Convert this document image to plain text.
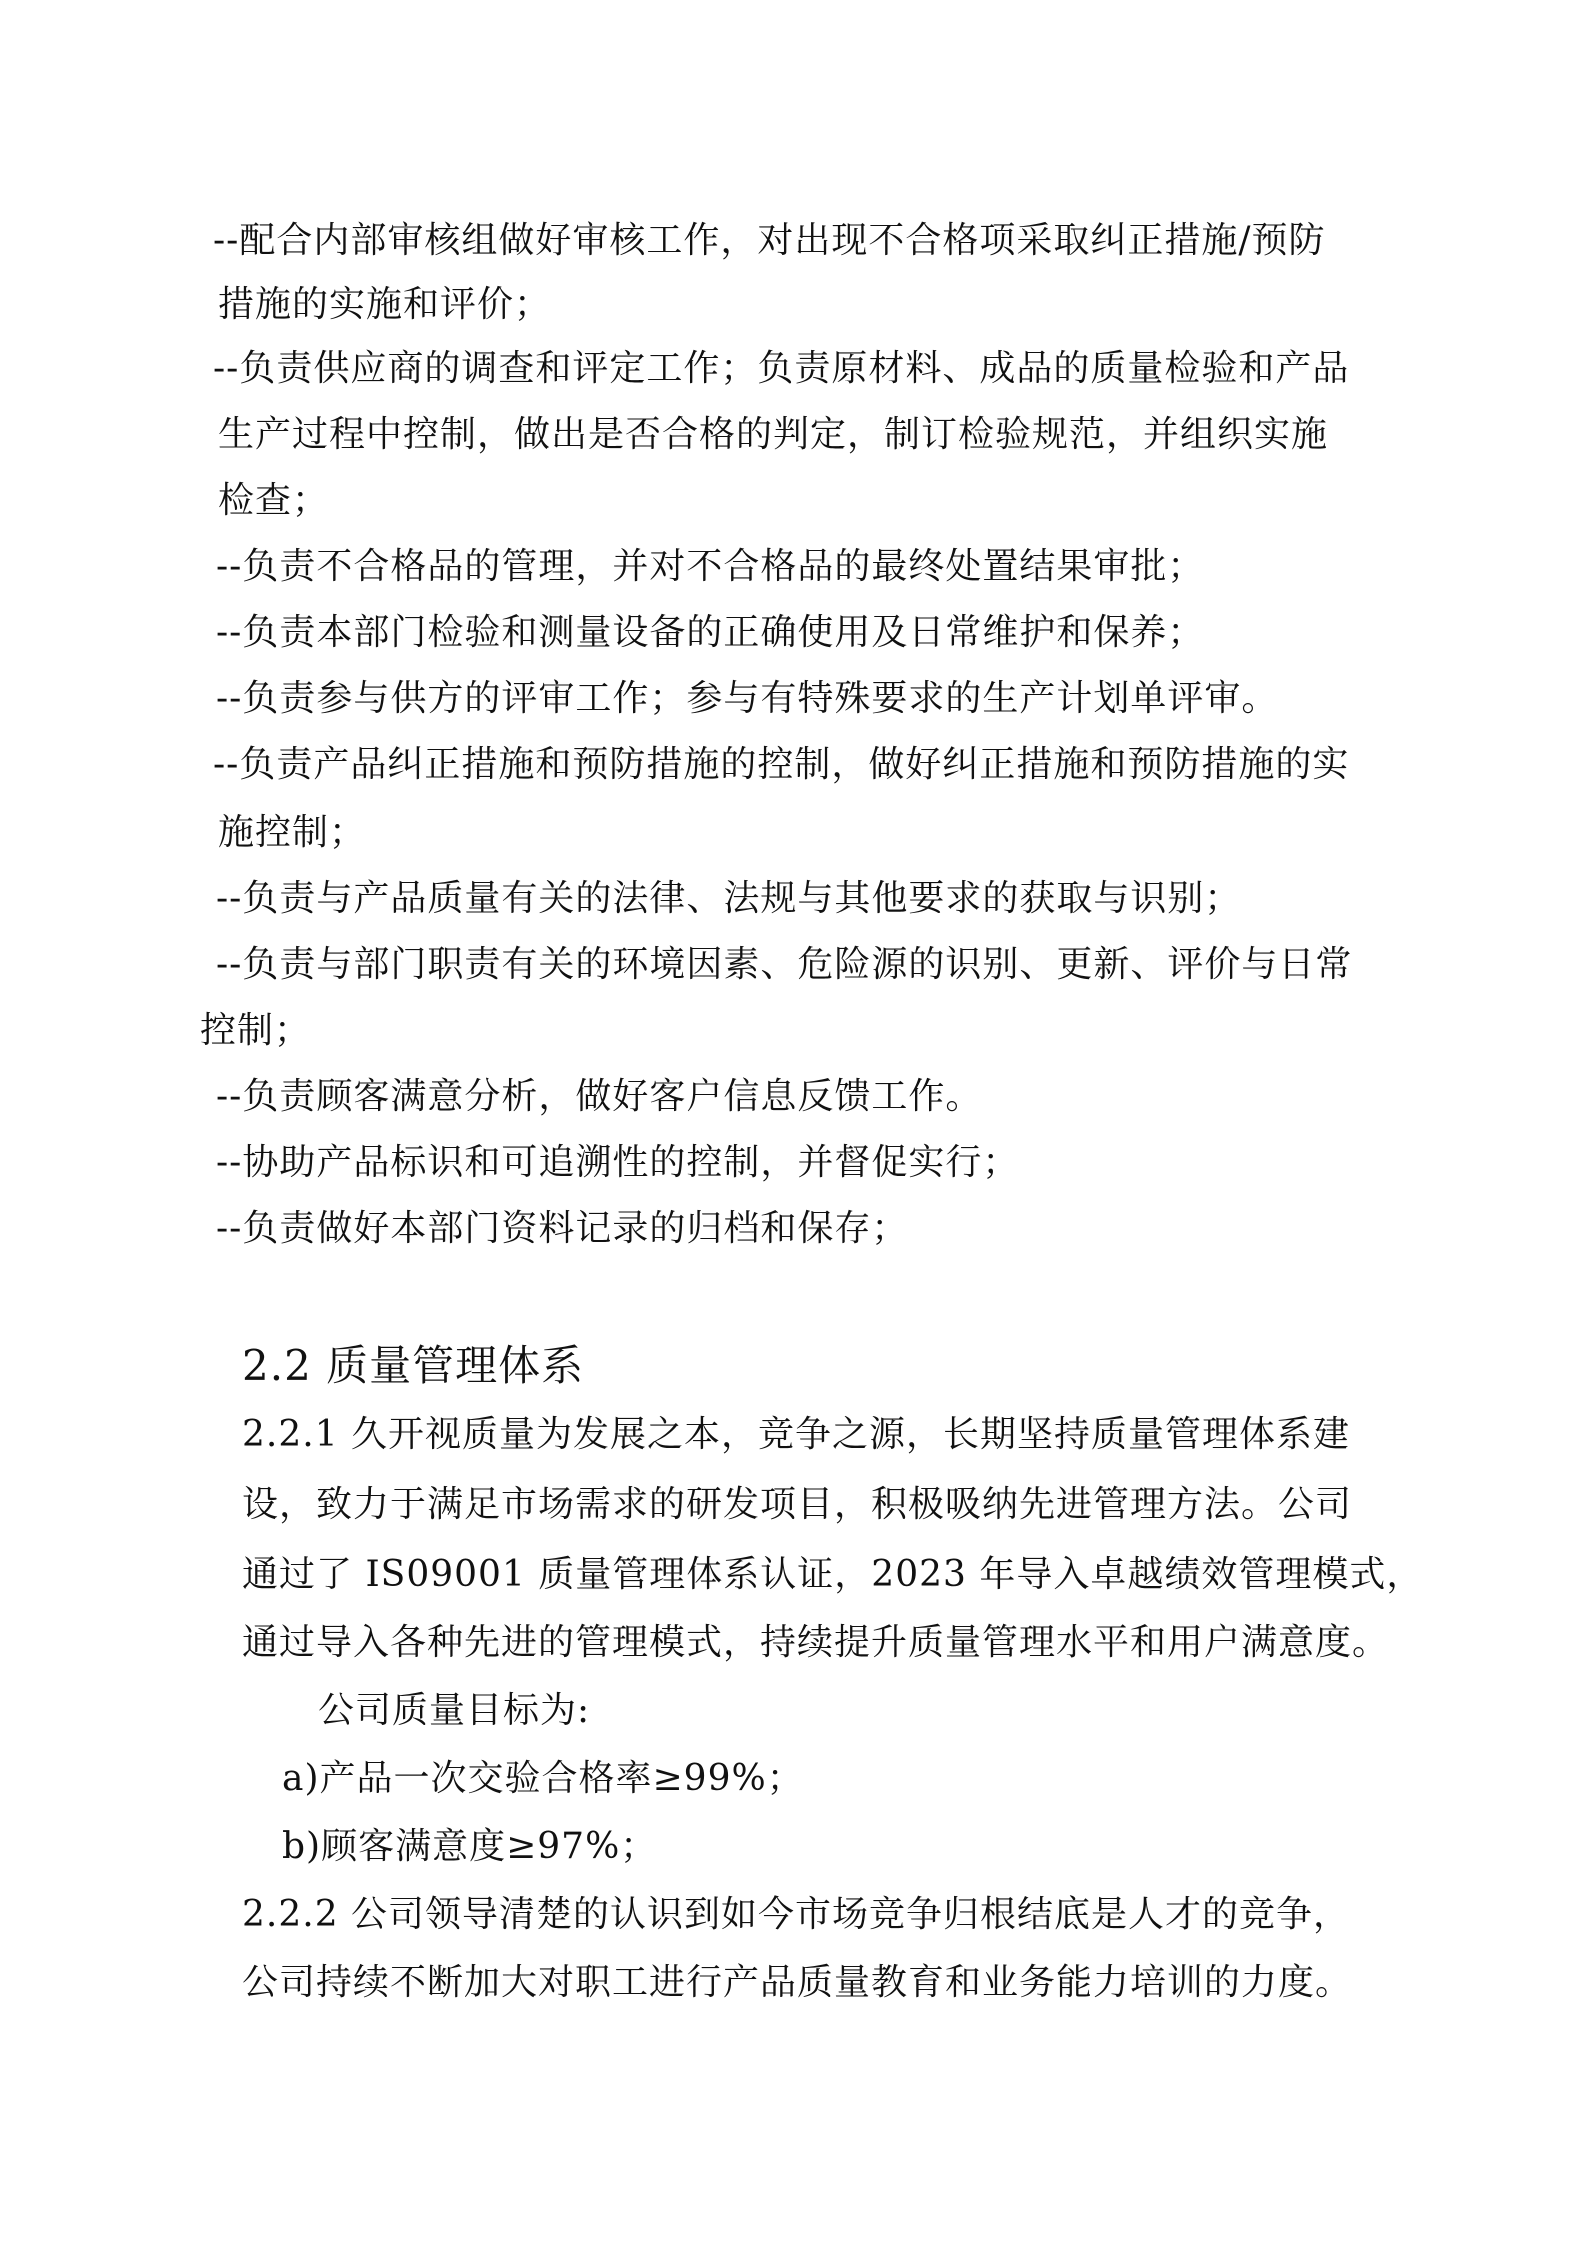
--配合内部审核组做好审核工作，对出现不合格项采取纠正措施/预防
措施的实施和评价；
--负责供应商的调查和评定工作；负责原材料、成品的质量检验和产品
生产过程中控制，做出是否合格的判定，制订检验规范，并组织实施
检查；
--负责不合格品的管理，并对不合格品的最终处置结果审批；
--负责本部门检验和测量设备的正确使用及日常维护和保养；
--负责参与供方的评审工作；参与有特殊要求的生产计划单评审。
--负责产品纠正措施和预防措施的控制，做好纠正措施和预防措施的实
施控制；
--负责与产品质量有关的法律、法规与其他要求的获取与识别；
--负责与部门职责有关的环境因素、危险源的识别、更新、评价与日常
控制；
--负责顾客满意分析，做好客户信息反馈工作。
--协助产品标识和可追溯性的控制，并督促实行；
--负责做好本部门资料记录的归档和保存；
2.2 质量管理体系
2.2.1 久开视质量为发展之本，竞争之源，长期坚持质量管理体系建
设，致力于满足市场需求的研发项目，积极吸纳先进管理方法。公司
通过了 IS09001 质量管理体系认证，2023 年导入卓越绩效管理模式，
通过导入各种先进的管理模式，持续提升质量管理水平和用户满意度。
公司质量目标为:
a)产品一次交验合格率≥99%；
b)顾客满意度≥97%；
2.2.2 公司领导清楚的认识到如今市场竞争归根结底是人才的竞争，
公司持续不断加大对职工进行产品质量教育和业务能力培训的力度。
